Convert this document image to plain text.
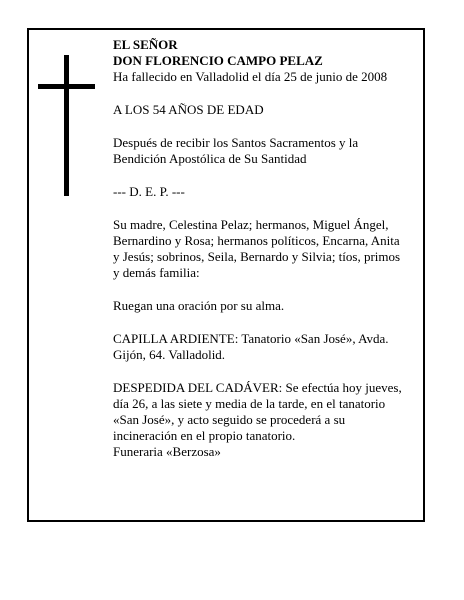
EL SEÑOR
DON FLORENCIO CAMPO PELAZ
Ha fallecido en Valladolid el día 25 de junio de 2008

A LOS 54 AÑOS DE EDAD

Después de recibir los Santos Sacramentos y la
Bendición Apostólica de Su Santidad

--- D. E. P. ---

Su madre, Celestina Pelaz; hermanos, Miguel Ángel,
Bernardino y Rosa; hermanos políticos, Encarna, Anita
y Jesús; sobrinos, Seila, Bernardo y Silvia; tíos, primos
y demás familia:

Ruegan una oración por su alma.

CAPILLA ARDIENTE: Tanatorio «San José», Avda.
Gijón, 64. Valladolid.

DESPEDIDA DEL CADÁVER: Se efectúa hoy jueves,
día 26, a las siete y media de la tarde, en el tanatorio
«San José», y acto seguido se procederá a su
incineración en el propio tanatorio.
Funeraria «Berzosa»
